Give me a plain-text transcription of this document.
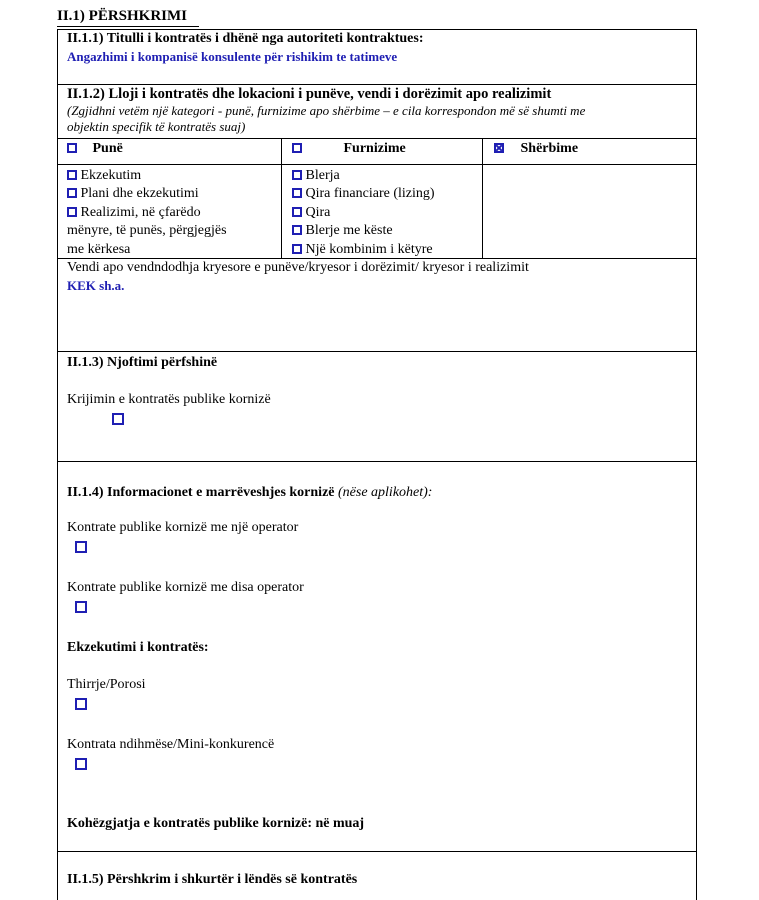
II.1) PËRSHKRIMI
II.1.1) Titulli i kontratës i dhënë nga autoriteti kontraktues:
Angazhimi i kompanisë konsulente për rishikim te tatimeve
II.1.2) Lloji i kontratës dhe lokacioni i punëve, vendi i dorëzimit apo realizimit
(Zgjidhni vetëm një kategori - punë, furnizime apo shërbime – e cila korrespondon më së shumti me
objektin specifik të kontratës suaj)
Punë	Furnizime	Shërbime
Ekzekutim
Plani dhe ekzekutimi
Realizimi, në çfarëdo
mënyre, të punës, përgjegjës
me kërkesa
Blerja
Qira financiare (lizing)
Qira
Blerje me këste
Një kombinim i këtyre
Vendi apo vendndodhja kryesore e punëve/kryesor i dorëzimit/ kryesor i realizimit
KEK sh.a.
II.1.3) Njoftimi përfshinë
Krijimin e kontratës publike kornizë
II.1.4) Informacionet e marrëveshjes kornizë (nëse aplikohet):
Kontrate publike kornizë me një operator
Kontrate publike kornizë me disa operator
Ekzekutimi i kontratës:
Thirrje/Porosi
Kontrata ndihmëse/Mini-konkurencë
Kohëzgjatja e kontratës publike kornizë: në muaj
II.1.5) Përshkrim i shkurtër i lëndës së kontratës
